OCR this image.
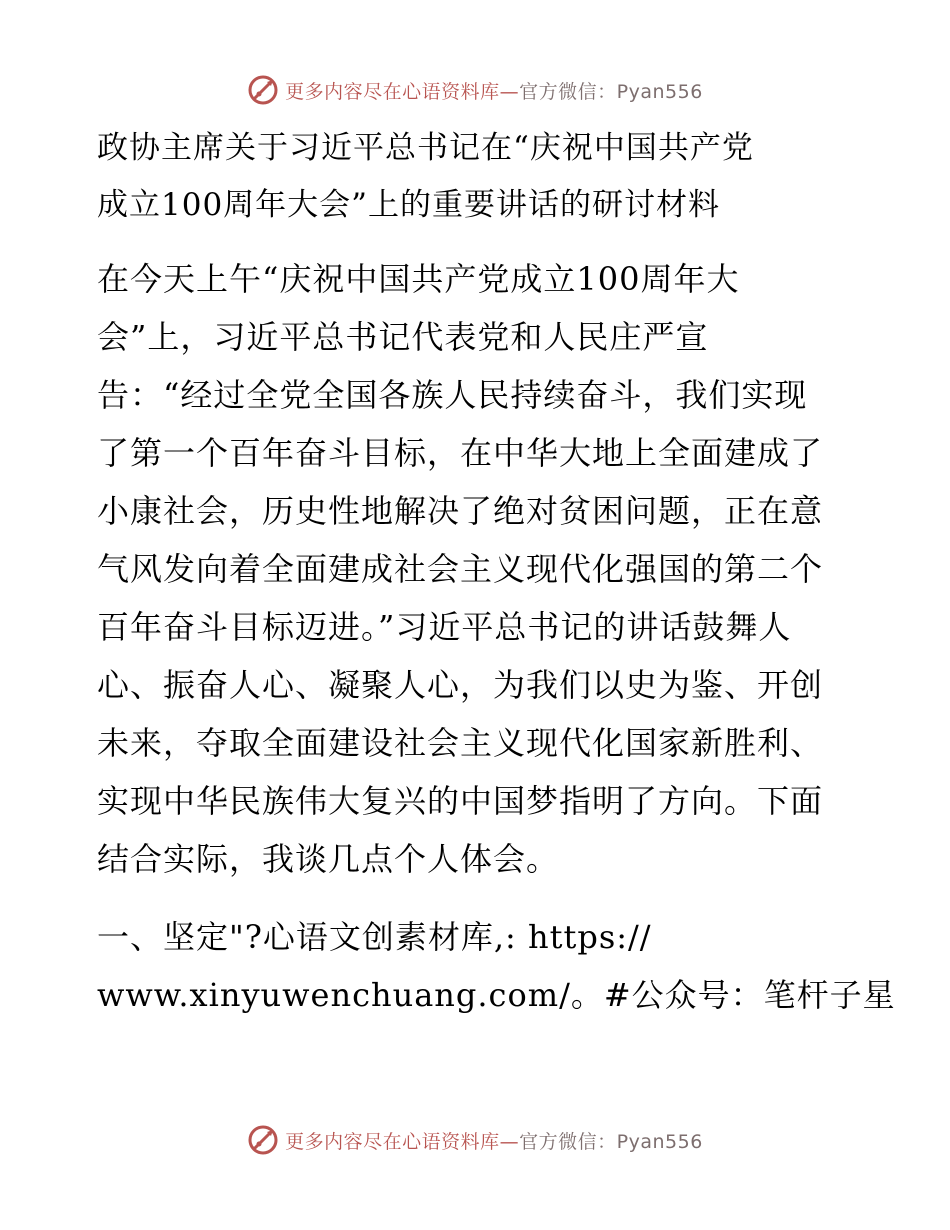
更多内容尽在心语资料库—官方微信：Pyan556
政协主席关于习近平总书记在“庆祝中国共产党
成立100周年大会”上的重要讲话的研讨材料
在今天上午“庆祝中国共产党成立100周年大
会”上，习近平总书记代表党和人民庄严宣
告：“经过全党全国各族人民持续奋斗，我们实现
了第一个百年奋斗目标，在中华大地上全面建成了
小康社会，历史性地解决了绝对贫困问题，正在意
气风发向着全面建成社会主义现代化强国的第二个
百年奋斗目标迈进。”习近平总书记的讲话鼓舞人
心、振奋人心、凝聚人心，为我们以史为鉴、开创
未来，夺取全面建设社会主义现代化国家新胜利、
实现中华民族伟大复兴的中国梦指明了方向。下面
结合实际，我谈几点个人体会。
一、坚定"?心语文创素材库,: https://
www.xinyuwenchuang.com/。#公众号：笔杆子星
更多内容尽在心语资料库—官方微信：Pyan556
